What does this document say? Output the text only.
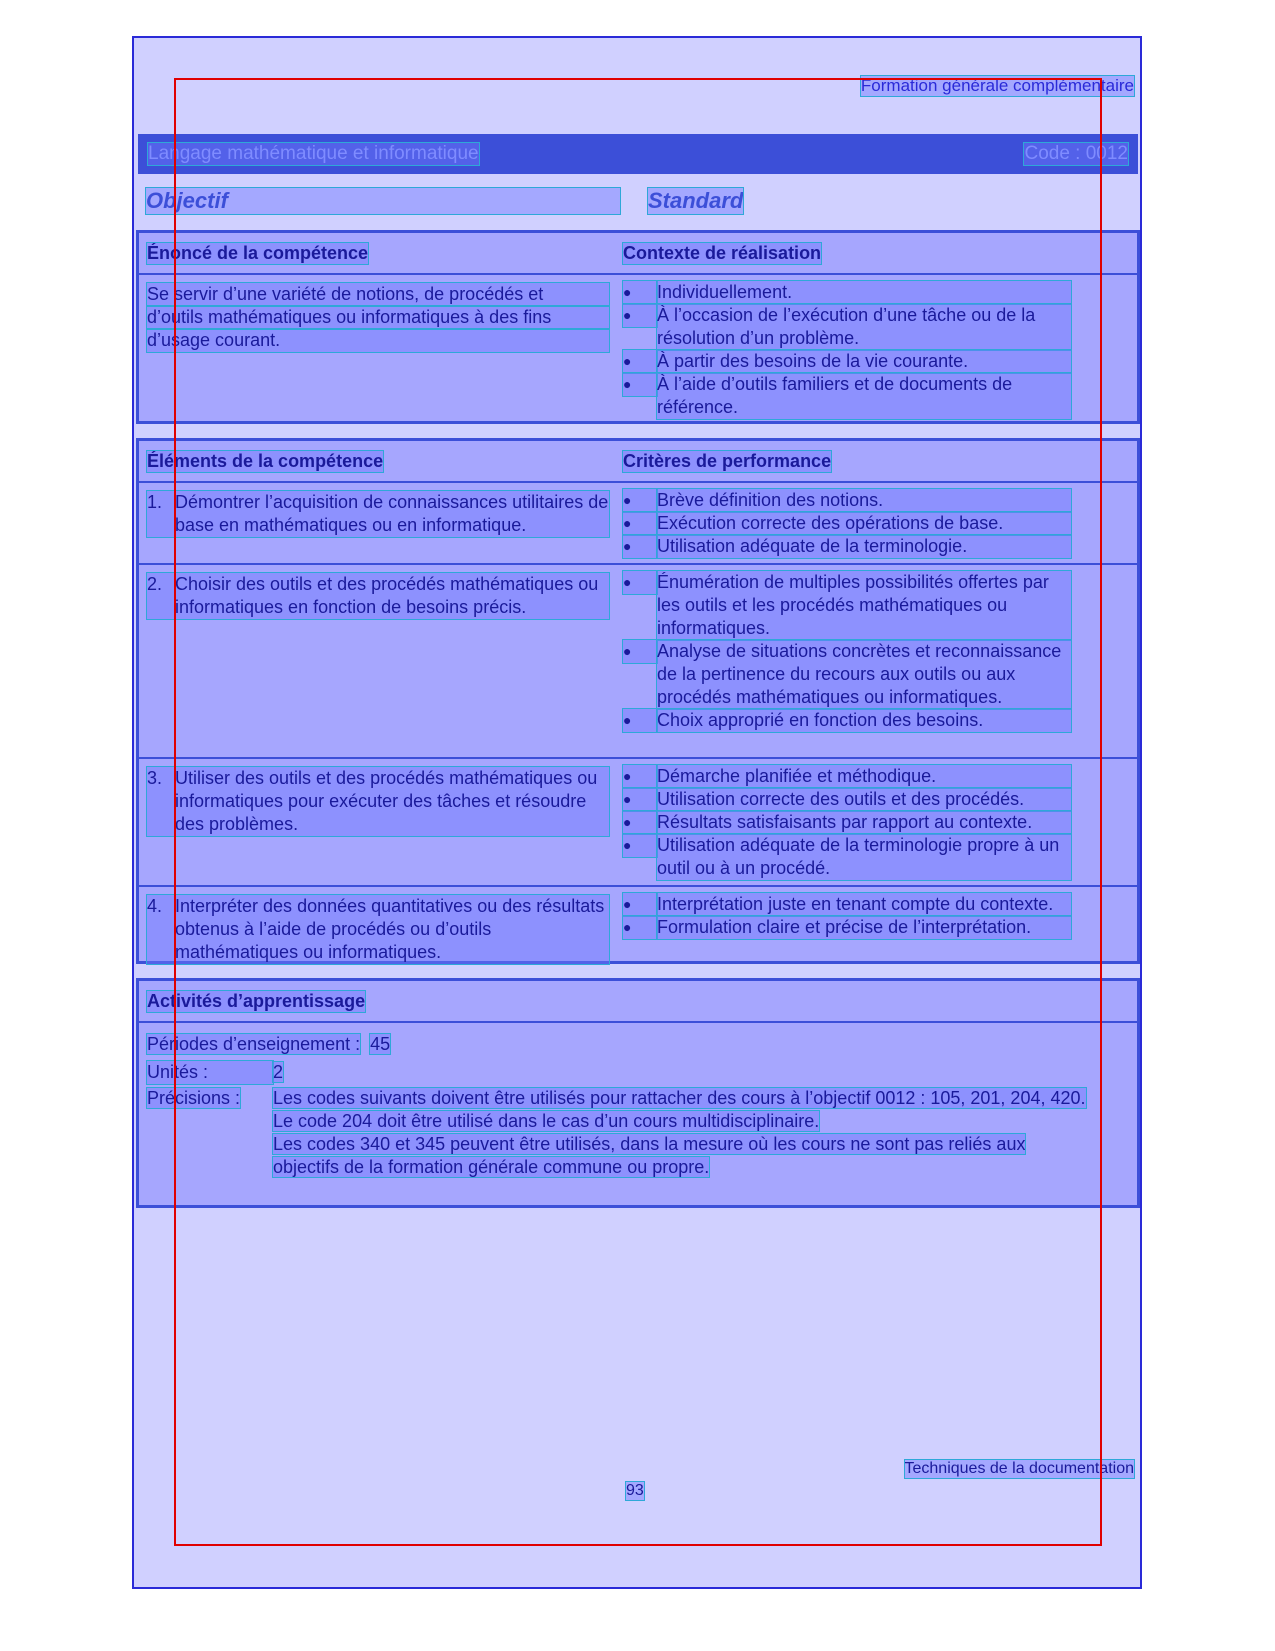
Formation générale complémentaire
Langage mathématique et informatique	Code : 0012
Objectif	Standard
Énoncé de la compétence	Contexte de réalisation
Se servir d’une variété de notions, de procédés et
d’outils mathématiques ou informatiques à des fins
d’usage courant.
●	Individuellement.
●	À l’occasion de l’exécution d’une tâche ou de la résolution d’un problème.
●	À partir des besoins de la vie courante.
●	À l’aide d’outils familiers et de documents de référence.
Éléments de la compétence	Critères de performance
1. Démontrer l’acquisition de connaissances utilitaires de base en mathématiques ou en informatique.
●	Brève définition des notions.
●	Exécution correcte des opérations de base.
●	Utilisation adéquate de la terminologie.
2. Choisir des outils et des procédés mathématiques ou informatiques en fonction de besoins précis.
●	Énumération de multiples possibilités offertes par les outils et les procédés mathématiques ou informatiques.
●	Analyse de situations concrètes et reconnaissance de la pertinence du recours aux outils ou aux procédés mathématiques ou informatiques.
●	Choix approprié en fonction des besoins.
3. Utiliser des outils et des procédés mathématiques ou informatiques pour exécuter des tâches et résoudre des problèmes.
●	Démarche planifiée et méthodique.
●	Utilisation correcte des outils et des procédés.
●	Résultats satisfaisants par rapport au contexte.
●	Utilisation adéquate de la terminologie propre à un outil ou à un procédé.
4. Interpréter des données quantitatives ou des résultats obtenus à l’aide de procédés ou d’outils mathématiques ou informatiques.
●	Interprétation juste en tenant compte du contexte.
●	Formulation claire et précise de l’interprétation.
Activités d’apprentissage
Périodes d’enseignement : 45
Unités :	2
Précisions :	Les codes suivants doivent être utilisés pour rattacher des cours à l’objectif 0012 : 105, 201, 204, 420.
Le code 204 doit être utilisé dans le cas d’un cours multidisciplinaire.
Les codes 340 et 345 peuvent être utilisés, dans la mesure où les cours ne sont pas reliés aux objectifs de la formation générale commune ou propre.
Techniques de la documentation
93
